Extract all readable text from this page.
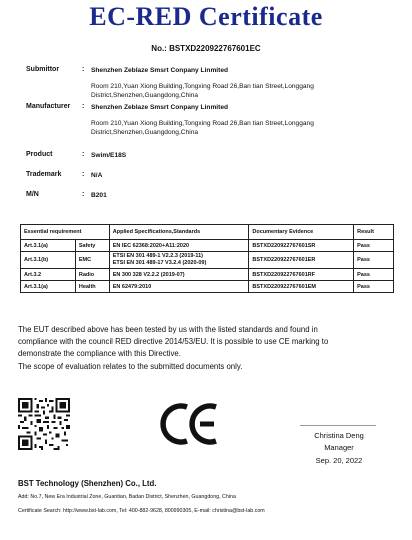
EC-RED Certificate
No.: BSTXD220922767601EC
Submittor	: Shenzhen Zeblaze Smsrt Conpany Linmited
Room 210,Yuan Xiong Building,Tongxing Road 26,Ban tian Street,Longgang District,Shenzhen,Guangdong,China
Manufacturer : Shenzhen Zeblaze Smsrt Conpany Linmited
Room 210,Yuan Xiong Building,Tongxing Road 26,Ban tian Street,Longgang District,Shenzhen,Guangdong,China
Product	: Swim/E18S
Trademark	: N/A
M/N	: B201
Essential requirement		Applied Specifications,Standards	Documentary Evidence	Result
Art.3.1(a)	Safety	EN IEC 62368:2020+A11:2020	BSTXD220922767601SR	Pass
Art.3.1(b)	EMC	ETSI EN 301 489-1 V2.2.3 (2019-11)
ETSI EN 301 489-17 V3.2.4 (2020-09)	BSTXD220922767601ER	Pass
Art.3.2	Radio	EN 300 328 V2.2.2 (2019-07)	BSTXD220922767601RF	Pass
Art.3.1(a)	Health	EN 62479:2010	BSTXD220922767601EM	Pass
The EUT described above has been tested by us with the listed standards and found in
compliance with the council RED directive 2014/53/EU. It is possible to use CE marking to
demonstrate the compliance with this Directive.
The scope of evaluation relates to the submitted documents only.
Christina Deng
Manager
Sep. 20, 2022
BST Technology (Shenzhen) Co., Ltd.
Add: No.7, New Era Industrial Zone, Guantian, Badan District, Shenzhen, Guangdong, China
Certificate Search: http://www.bst-lab.com, Tel: 400-882-9628, 800990305, E-mail: christina@bst-lab.com
